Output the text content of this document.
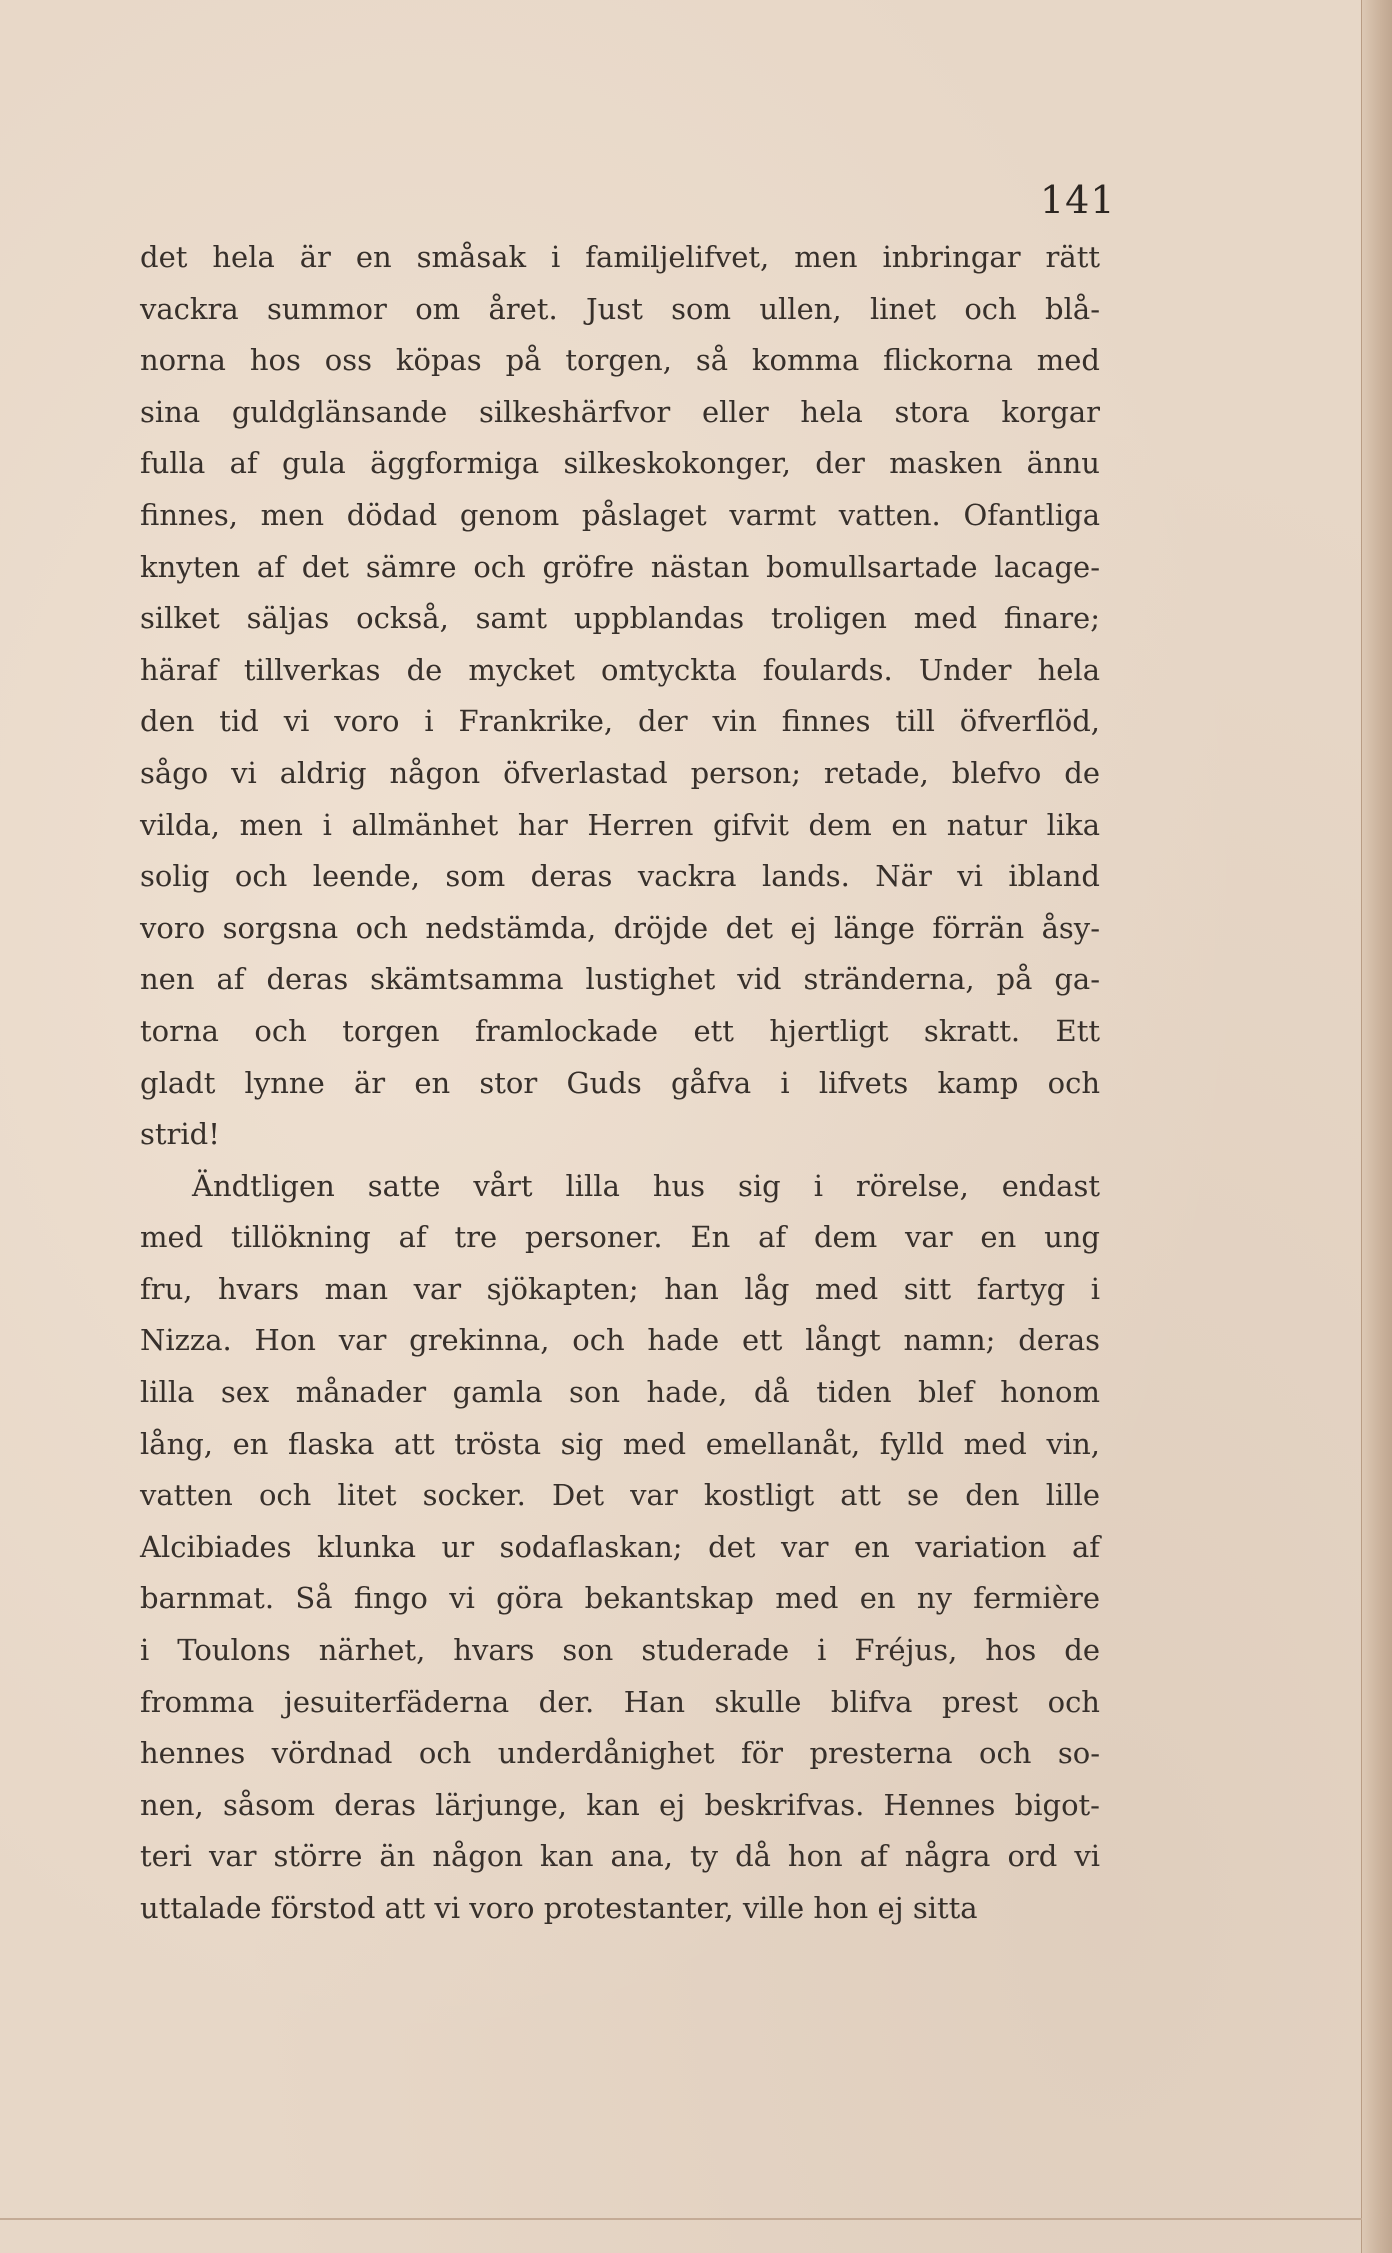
141
det hela är en småsak i familjelifvet, men inbringar rätt
vackra summor om året. Just som ullen, linet och blå-
norna hos oss köpas på torgen, så komma flickorna med
sina guldglänsande silkeshärfvor eller hela stora korgar
fulla af gula äggformiga silkeskokonger, der masken ännu
finnes, men dödad genom påslaget varmt vatten. Ofantliga
knyten af det sämre och gröfre nästan bomullsartade lacage-
silket säljas också, samt uppblandas troligen med finare;
häraf tillverkas de mycket omtyckta foulards. Under hela
den tid vi voro i Frankrike, der vin finnes till öfverflöd,
sågo vi aldrig någon öfverlastad person; retade, blefvo de
vilda, men i allmänhet har Herren gifvit dem en natur lika
solig och leende, som deras vackra lands. När vi ibland
voro sorgsna och nedstämda, dröjde det ej länge förrän åsy-
nen af deras skämtsamma lustighet vid stränderna, på ga-
torna och torgen framlockade ett hjertligt skratt. Ett
gladt lynne är en stor Guds gåfva i lifvets kamp och
strid!
Ändtligen satte vårt lilla hus sig i rörelse, endast
med tillökning af tre personer. En af dem var en ung
fru, hvars man var sjökapten; han låg med sitt fartyg i
Nizza. Hon var grekinna, och hade ett långt namn; deras
lilla sex månader gamla son hade, då tiden blef honom
lång, en flaska att trösta sig med emellanåt, fylld med vin,
vatten och litet socker. Det var kostligt att se den lille
Alcibiades klunka ur sodaflaskan; det var en variation af
barnmat. Så fingo vi göra bekantskap med en ny fermière
i Toulons närhet, hvars son studerade i Fréjus, hos de
fromma jesuiterfäderna der. Han skulle blifva prest och
hennes vördnad och underdånighet för presterna och so-
nen, såsom deras lärjunge, kan ej beskrifvas. Hennes bigot-
teri var större än någon kan ana, ty då hon af några ord vi
uttalade förstod att vi voro protestanter, ville hon ej sitta
